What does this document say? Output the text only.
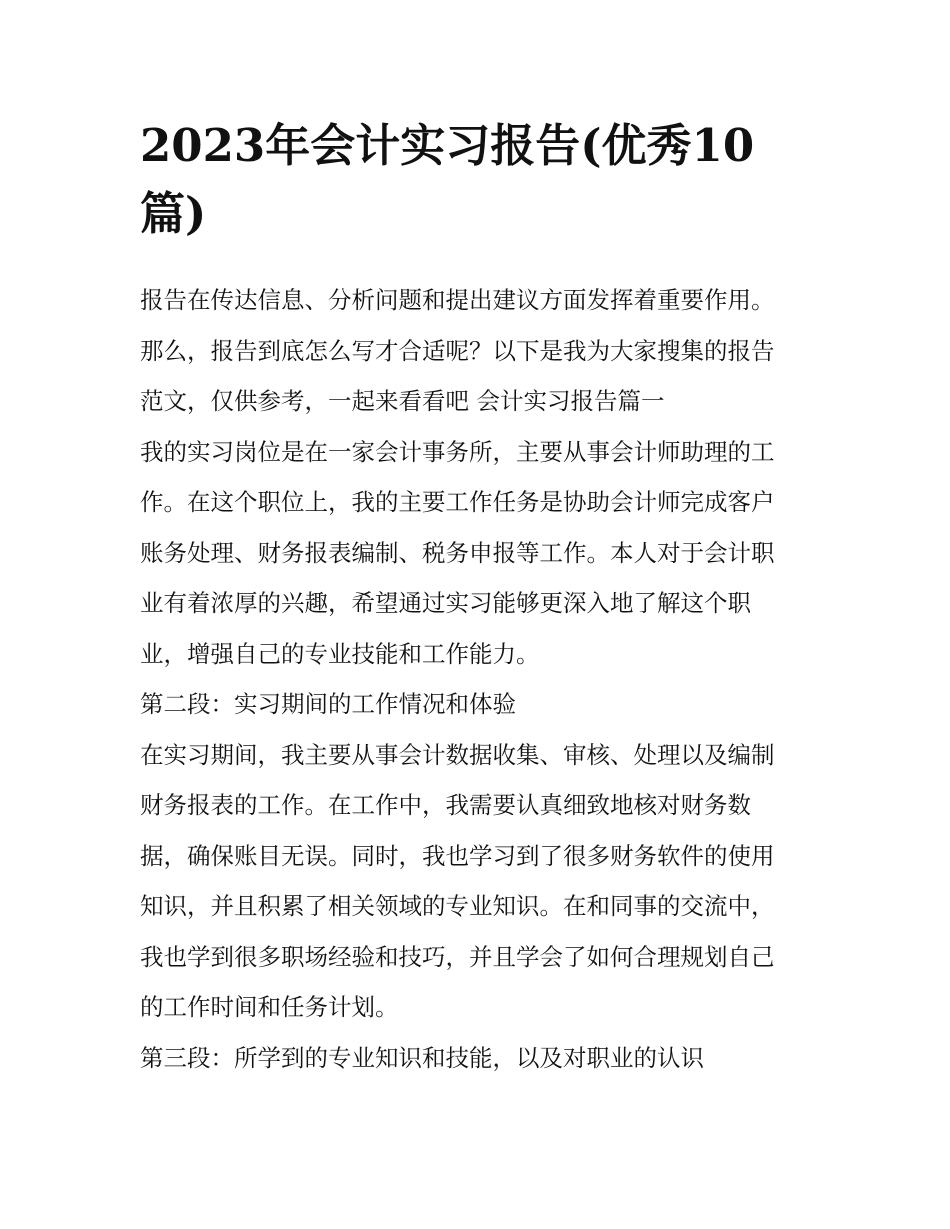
2023年会计实习报告(优秀10
篇)
报告在传达信息、分析问题和提出建议方面发挥着重要作用。
那么，报告到底怎么写才合适呢？以下是我为大家搜集的报告
范文，仅供参考，一起来看看吧 会计实习报告篇一
我的实习岗位是在一家会计事务所，主要从事会计师助理的工
作。在这个职位上，我的主要工作任务是协助会计师完成客户
账务处理、财务报表编制、税务申报等工作。本人对于会计职
业有着浓厚的兴趣，希望通过实习能够更深入地了解这个职
业，增强自己的专业技能和工作能力。
第二段：实习期间的工作情况和体验
在实习期间，我主要从事会计数据收集、审核、处理以及编制
财务报表的工作。在工作中，我需要认真细致地核对财务数
据，确保账目无误。同时，我也学习到了很多财务软件的使用
知识，并且积累了相关领域的专业知识。在和同事的交流中，
我也学到很多职场经验和技巧，并且学会了如何合理规划自己
的工作时间和任务计划。
第三段：所学到的专业知识和技能，以及对职业的认识
